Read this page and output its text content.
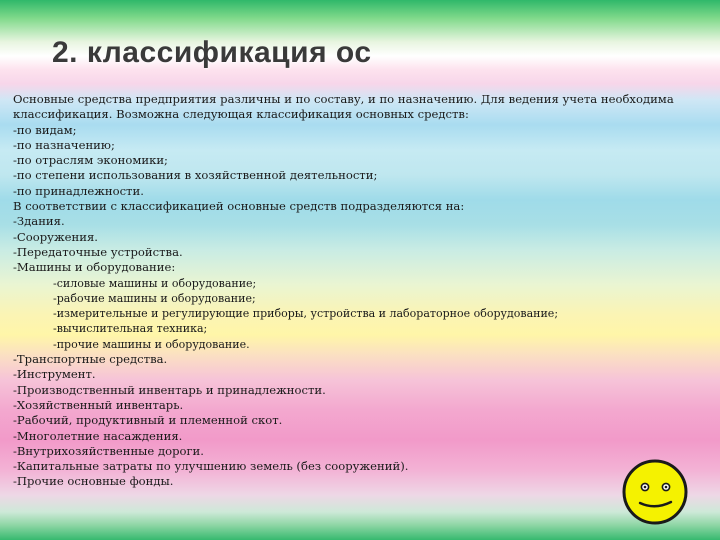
2. классификация ос

Основные средства предприятия различны и по составу, и по назначению. Для ведения учета необходима классификация. Возможна следующая классификация основных средств:

-по видам;

-по назначению;

-по отраслям экономики;

-по степени использования в хозяйственной деятельности;

-по принадлежности.

В соответствии с классификацией основные средств подразделяются на:

-Здания.

-Сооружения.

-Передаточные устройства.

-Машины и оборудование:

-силовые машины и оборудование;

-рабочие машины и оборудование;

-измерительные и регулирующие приборы, устройства и лабораторное оборудование;

-вычислительная техника;

-прочие машины и оборудование.

-Транспортные средства.

-Инструмент.

-Производственный инвентарь и принадлежности.

-Хозяйственный инвентарь.

-Рабочий, продуктивный и племенной скот.

-Многолетние насаждения.

-Внутрихозяйственные дороги.

-Капитальные затраты по улучшению земель (без сооружений).

-Прочие основные фонды.
